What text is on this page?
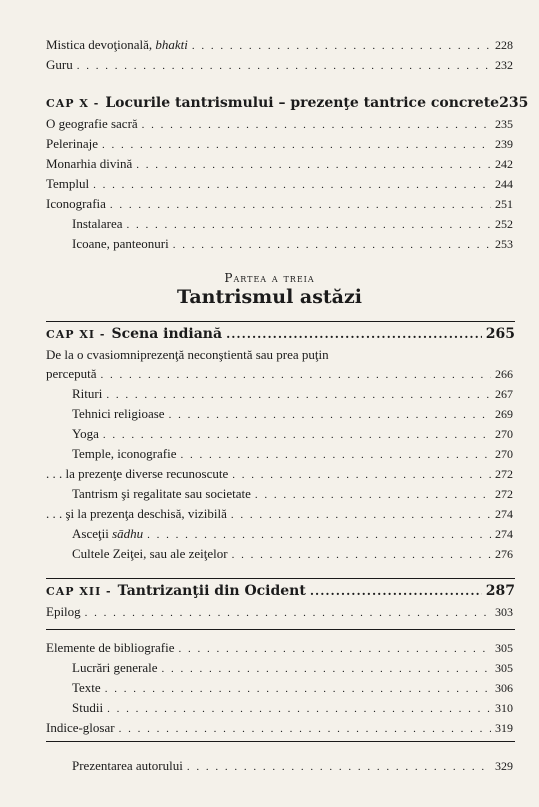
Mistica devoţională, bhakti . . .	228
Guru . . .	232
CAP X - Locurile tantrismului – prezenţe tantrice concrete 235
O geografie sacră . . .	235
Pelerinaje . . .	239
Monarhia divină . . .	242
Templul . . .	244
Iconografia . . .	251
Instalarea . . .	252
Icoane, panteonuri . . .	253
Partea a treia
Tantrismul astăzi
CAP XI - Scena indiană .....	265
De la o cvasiomniprezenţă neconştientă sau prea puţin
percepută . . .	266
Rituri . . .	267
Tehnici religioase . . .	269
Yoga . . .	270
Temple, iconografie . . .	270
. . . la prezenţe diverse recunoscute . . .	272
Tantrism şi regalitate sau societate . . .	272
. . . şi la prezenţa deschisă, vizibilă . . .	274
Asceţii sādhu . . .	274
Cultele Zeiţei, sau ale zeiţelor . . .	276
CAP XII - Tantrizanţii din Ocident .....	287
Epilog . . .	303
Elemente de bibliografie . . .	305
Lucrări generale . . .	305
Texte . . .	306
Studii . . .	310
Indice-glosar . . .	319
Prezentarea autorului . . .	329
